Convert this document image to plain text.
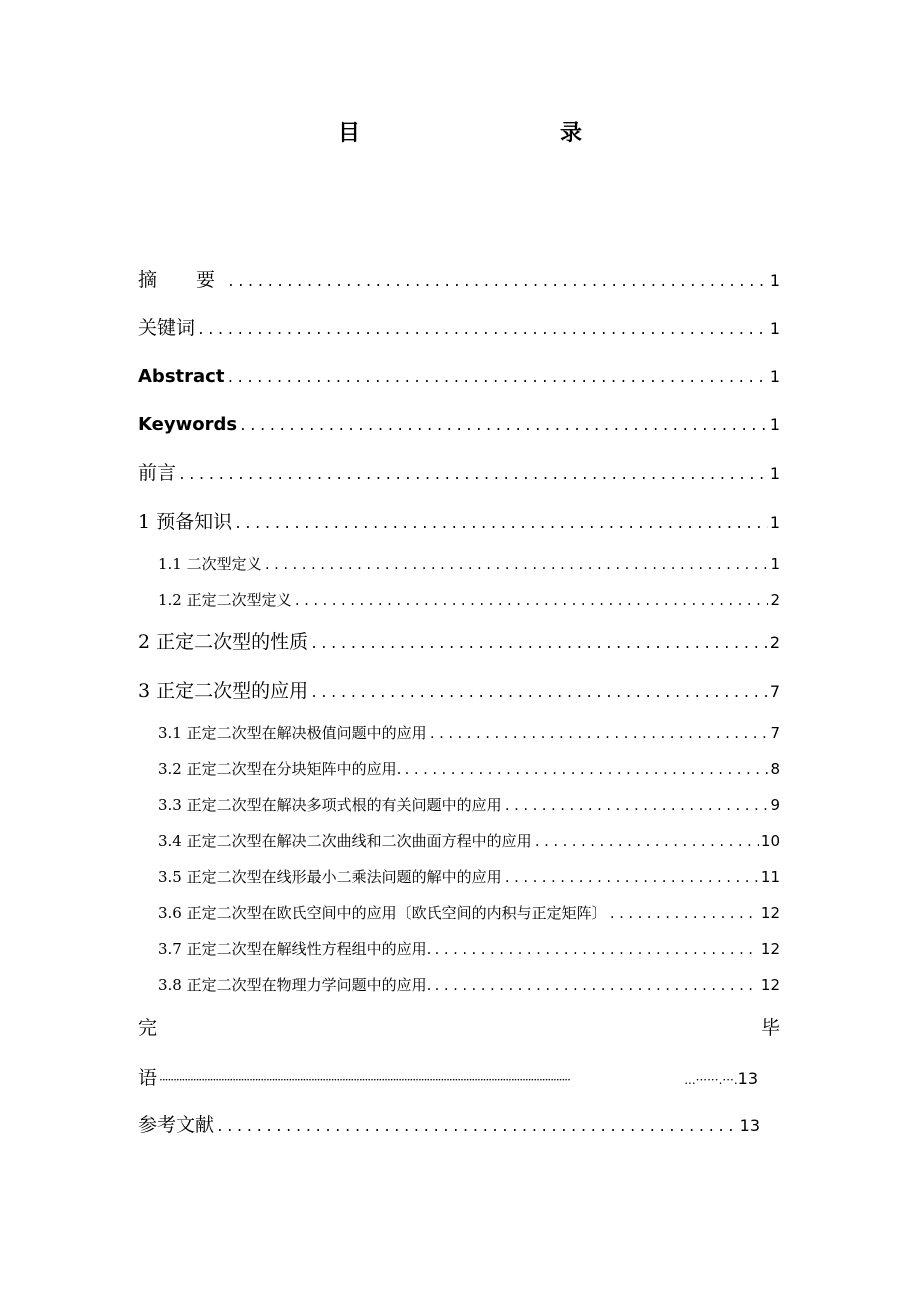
目　　录
摘　要 .....	1
关键词 .....	1
Abstract .....	1
Keywords .....	1
前言 .....	1
1 预备知识 .....	1
1.1 二次型定义 .....	1
1.2 正定二次型定义 .....	2
2 正定二次型的性质 .....	2
3 正定二次型的应用 .....	7
3.1 正定二次型在解决极值问题中的应用 .....	7
3.2 正定二次型在分块矩阵中的应用. .....	8
3.3 正定二次型在解决多项式根的有关问题中的应用 .....	9
3.4 正定二次型在解决二次曲线和二次曲面方程中的应用 .....	10
3.5 正定二次型在线形最小二乘法问题的解中的应用 .....	11
3.6 正定二次型在欧氏空间中的应用〔欧氏空间的内积与正定矩阵〕 .....	12
3.7 正定二次型在解线性方程组中的应用. .....	12
3.8 正定二次型在物理力学问题中的应用. .....	12
完	毕
语 ·····	...······.···. 13
参考文献 .....	13
